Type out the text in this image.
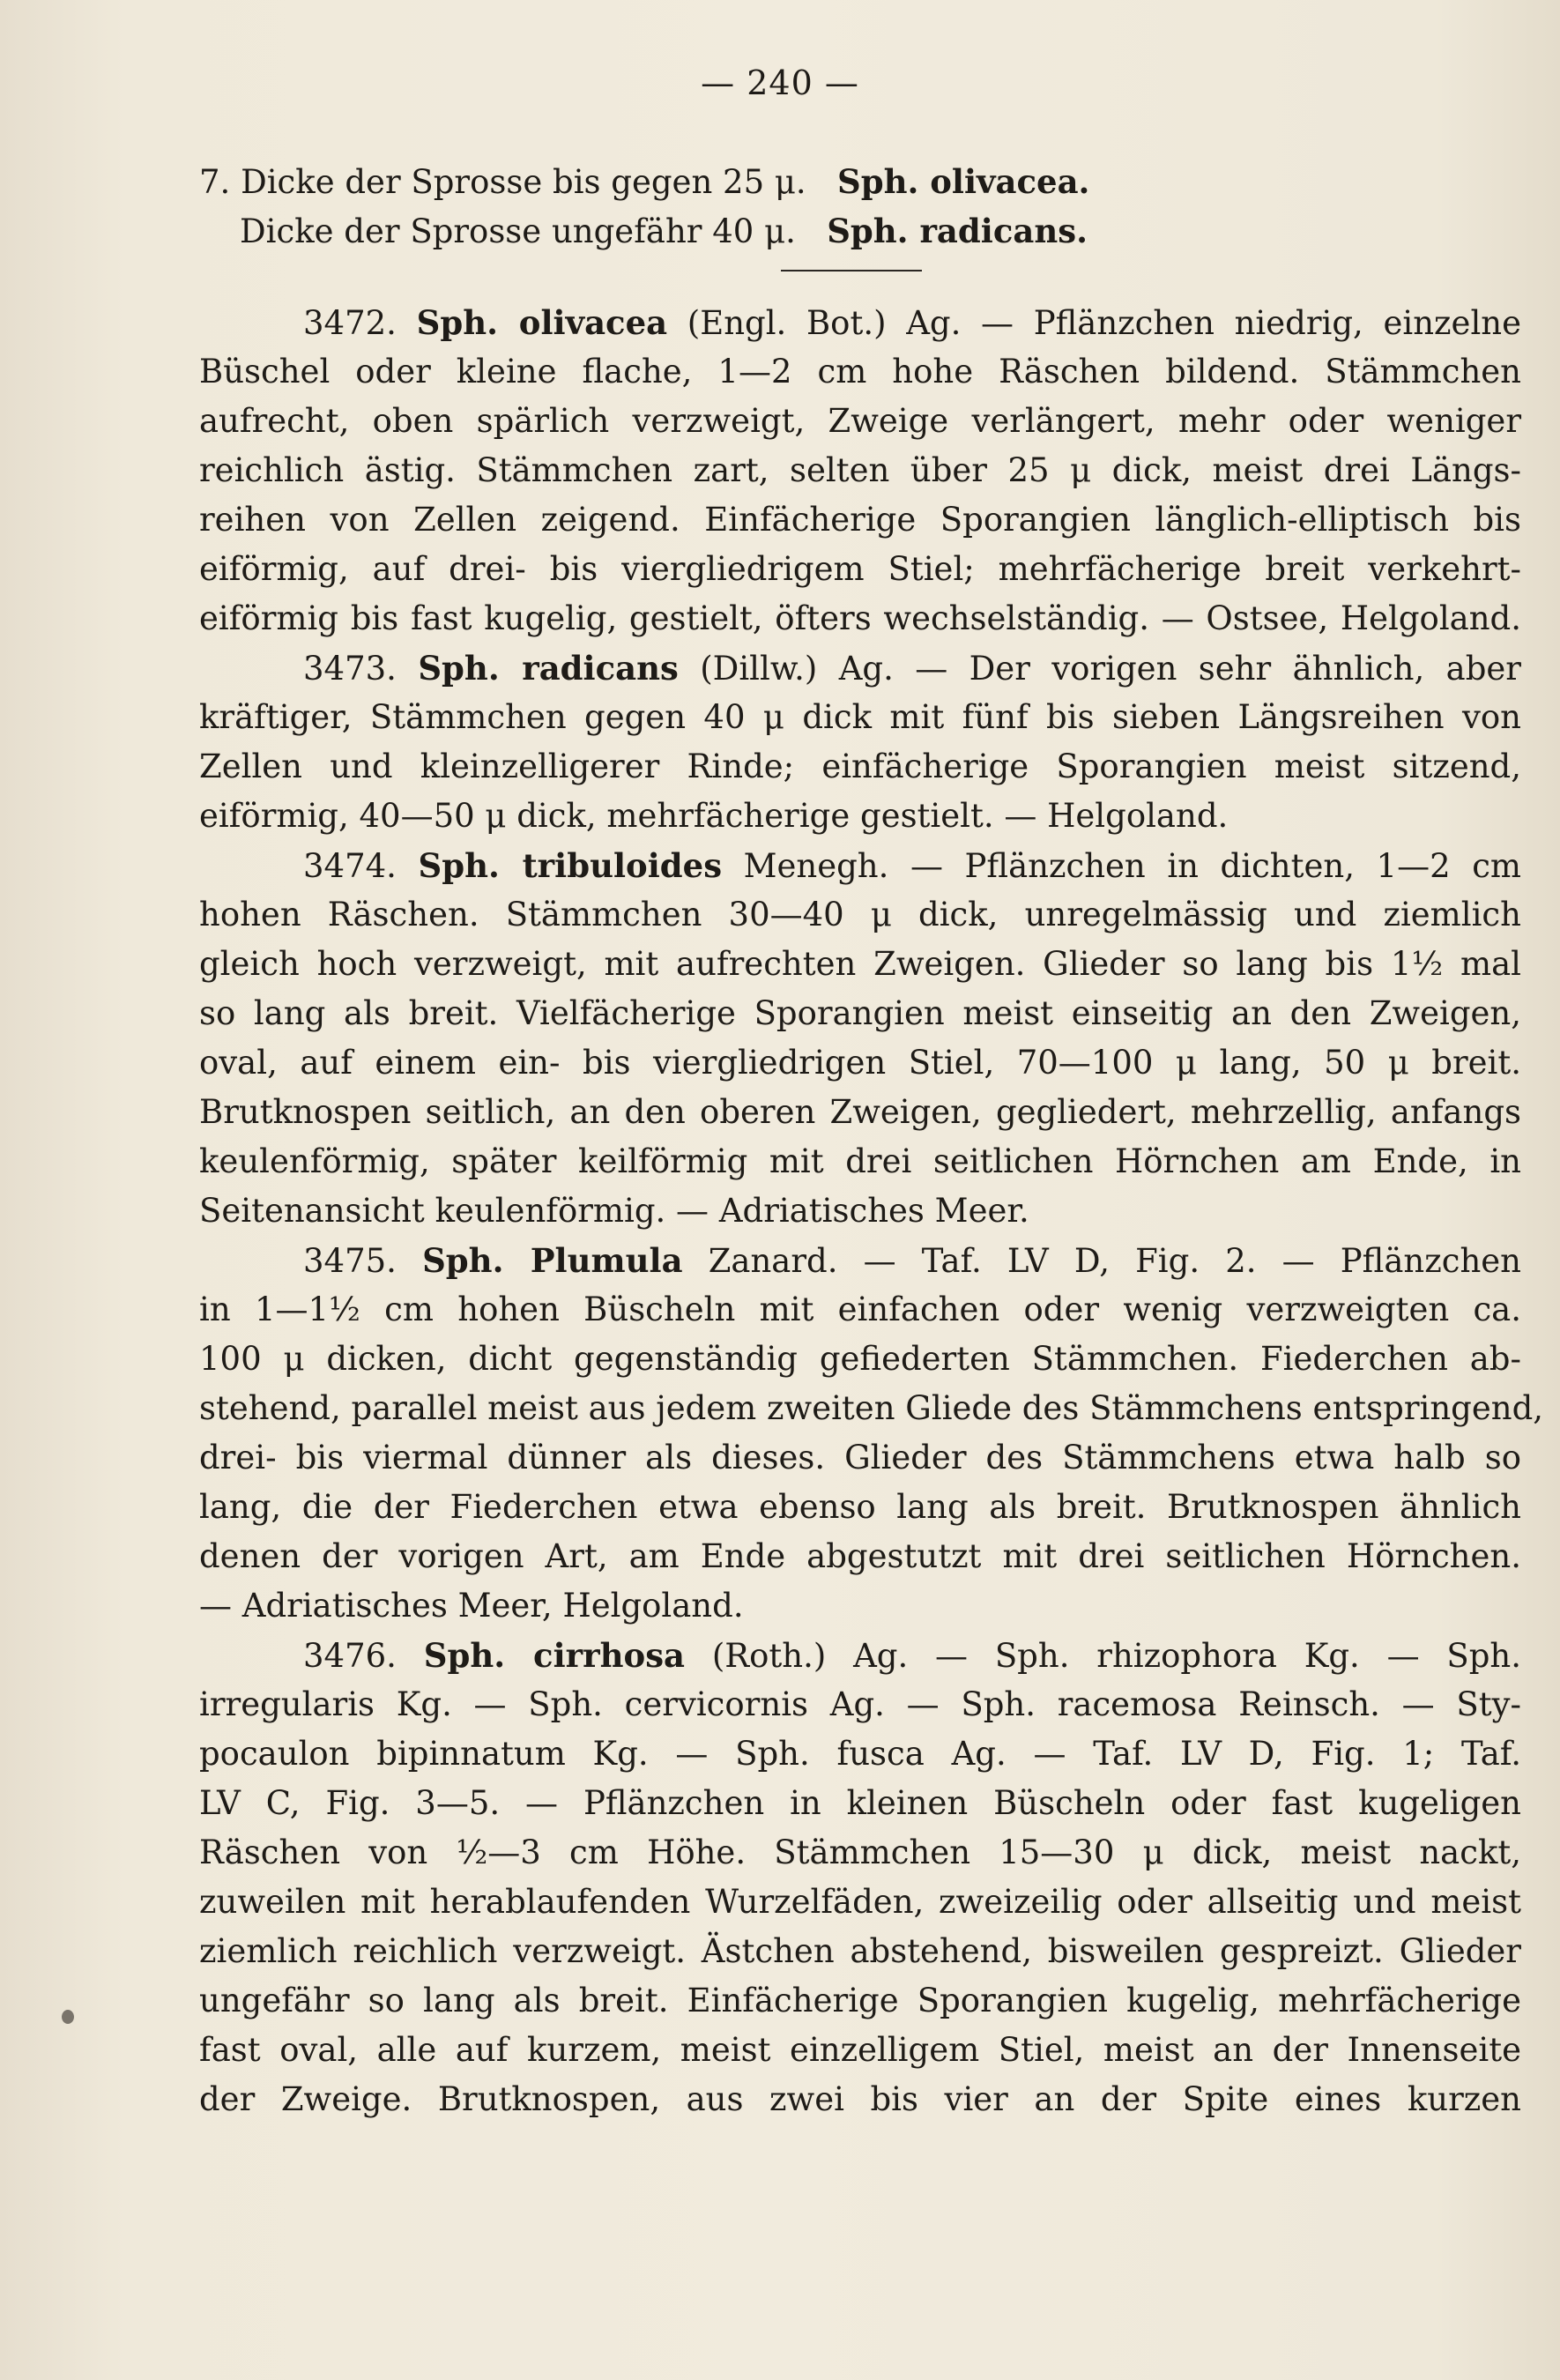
— 240 —
7. Dicke der Sprosse bis gegen 25 μ. Sph. olivacea.
Dicke der Sprosse ungefähr 40 μ. Sph. radicans.
3472. Sph. olivacea (Engl. Bot.) Ag. — Pflänzchen niedrig, einzelne
Büschel oder kleine flache, 1—2 cm hohe Räschen bildend. Stämmchen
aufrecht, oben spärlich verzweigt, Zweige verlängert, mehr oder weniger
reichlich ästig. Stämmchen zart, selten über 25 μ dick, meist drei Längs-
reihen von Zellen zeigend. Einfächerige Sporangien länglich-elliptisch bis
eiförmig, auf drei- bis viergliedrigem Stiel; mehrfächerige breit verkehrt-
eiförmig bis fast kugelig, gestielt, öfters wechselständig. — Ostsee, Helgoland.
3473. Sph. radicans (Dillw.) Ag. — Der vorigen sehr ähnlich, aber
kräftiger, Stämmchen gegen 40 μ dick mit fünf bis sieben Längsreihen von
Zellen und kleinzelligerer Rinde; einfächerige Sporangien meist sitzend,
eiförmig, 40—50 μ dick, mehrfächerige gestielt. — Helgoland.
3474. Sph. tribuloides Menegh. — Pflänzchen in dichten, 1—2 cm
hohen Räschen. Stämmchen 30—40 μ dick, unregelmässig und ziemlich
gleich hoch verzweigt, mit aufrechten Zweigen. Glieder so lang bis 1½ mal
so lang als breit. Vielfächerige Sporangien meist einseitig an den Zweigen,
oval, auf einem ein- bis viergliedrigen Stiel, 70—100 μ lang, 50 μ breit.
Brutknospen seitlich, an den oberen Zweigen, gegliedert, mehrzellig, anfangs
keulenförmig, später keilförmig mit drei seitlichen Hörnchen am Ende, in
Seitenansicht keulenförmig. — Adriatisches Meer.
3475. Sph. Plumula Zanard. — Taf. LV D, Fig. 2. — Pflänzchen
in 1—1½ cm hohen Büscheln mit einfachen oder wenig verzweigten ca.
100 μ dicken, dicht gegenständig gefiederten Stämmchen. Fiederchen ab-
stehend, parallel meist aus jedem zweiten Gliede des Stämmchens entspringend,
drei- bis viermal dünner als dieses. Glieder des Stämmchens etwa halb so
lang, die der Fiederchen etwa ebenso lang als breit. Brutknospen ähnlich
denen der vorigen Art, am Ende abgestutzt mit drei seitlichen Hörnchen.
— Adriatisches Meer, Helgoland.
3476. Sph. cirrhosa (Roth.) Ag. — Sph. rhizophora Kg. — Sph.
irregularis Kg. — Sph. cervicornis Ag. — Sph. racemosa Reinsch. — Sty-
pocaulon bipinnatum Kg. — Sph. fusca Ag. — Taf. LV D, Fig. 1; Taf.
LV C, Fig. 3—5. — Pflänzchen in kleinen Büscheln oder fast kugeligen
Räschen von ½—3 cm Höhe. Stämmchen 15—30 μ dick, meist nackt,
zuweilen mit herablaufenden Wurzelfäden, zweizeilig oder allseitig und meist
ziemlich reichlich verzweigt. Ästchen abstehend, bisweilen gespreizt. Glieder
ungefähr so lang als breit. Einfächerige Sporangien kugelig, mehrfächerige
fast oval, alle auf kurzem, meist einzelligem Stiel, meist an der Innenseite
der Zweige. Brutknospen, aus zwei bis vier an der Spite eines kurzen
